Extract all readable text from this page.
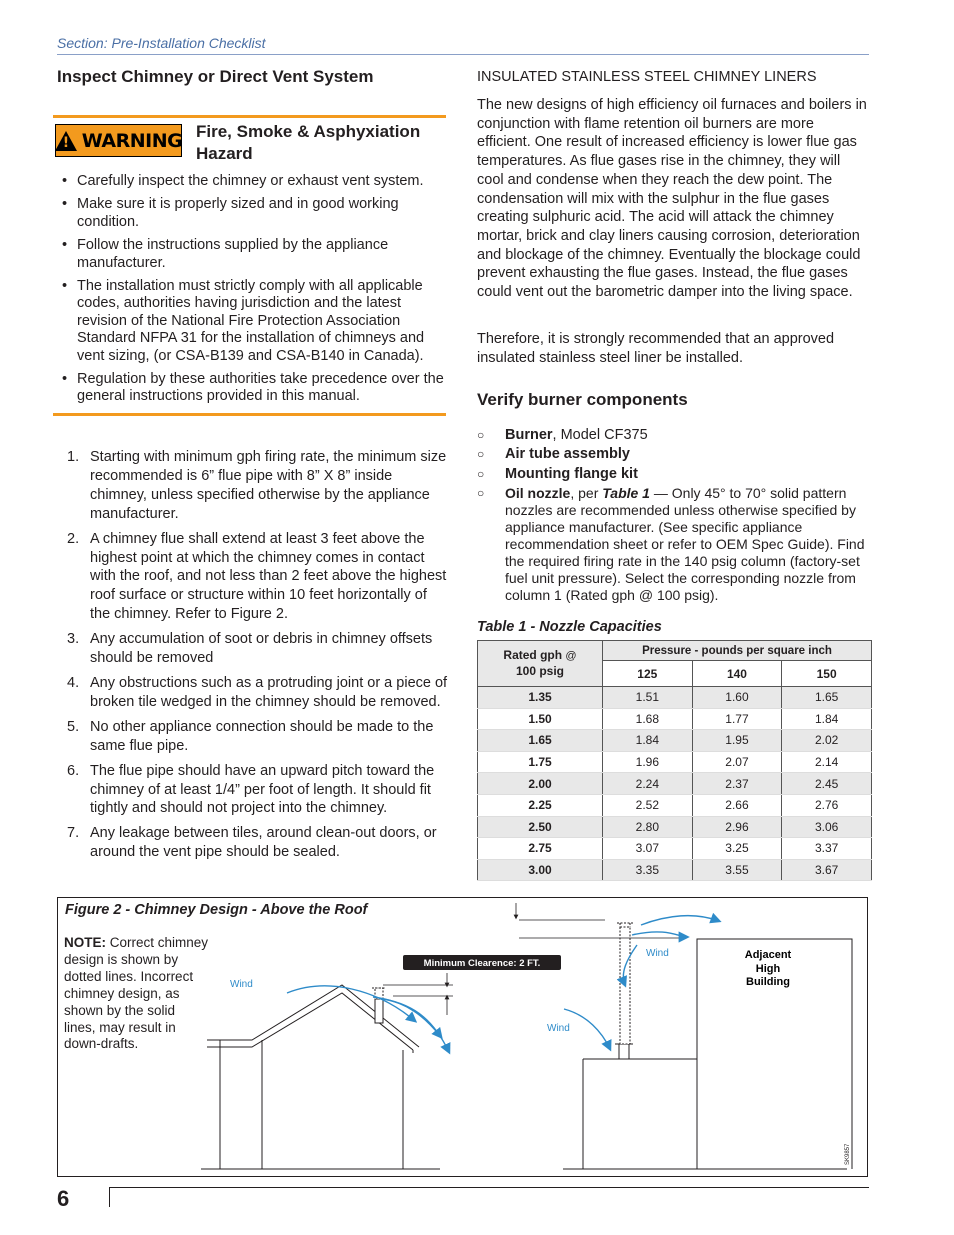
Section: Pre-Installation Checklist
Inspect Chimney or Direct Vent System
! WARNING Fire, Smoke & Asphyxiation
Hazard
• Carefully inspect the chimney or exhaust vent system.
• Make sure it is properly sized and in good working condition.
• Follow the instructions supplied by the appliance manufacturer.
• The installation must strictly comply with all applicable codes, authorities having jurisdiction and the latest revision of the National Fire Protection Association Standard NFPA 31 for the installation of chimneys and vent sizing, (or CSA-B139 and CSA-B140 in Canada).
• Regulation by these authorities take precedence over the general instructions provided in this manual.
1. Starting with minimum gph firing rate, the minimum size recommended is 6” flue pipe with 8” X 8” inside chimney, unless specified otherwise by the appliance manufacturer.
2. A chimney flue shall extend at least 3 feet above the highest point at which the chimney comes in contact with the roof, and not less than 2 feet above the highest roof surface or structure within 10 feet horizontally of the chimney. Refer to Figure 2.
3. Any accumulation of soot or debris in chimney offsets should be removed
4. Any obstructions such as a protruding joint or a piece of broken tile wedged in the chimney should be removed.
5. No other appliance connection should be made to the same flue pipe.
6. The flue pipe should have an upward pitch toward the chimney of at least 1/4” per foot of length. It should fit tightly and should not project into the chimney.
7. Any leakage between tiles, around clean-out doors, or around the vent pipe should be sealed.
INSULATED STAINLESS STEEL CHIMNEY LINERS
The new designs of high efficiency oil furnaces and boilers in conjunction with flame retention oil burners are more efficient. One result of increased efficiency is lower flue gas temperatures. As flue gases rise in the chimney, they will cool and condense when they reach the dew point. The condensation will mix with the sulphur in the flue gases creating sulphuric acid. The acid will attack the chimney mortar, brick and clay liners causing corrosion, deterioration and blockage of the chimney. Eventually the blockage could prevent exhausting the flue gases. Instead, the flue gases could vent out the barometric damper into the living space.
Therefore, it is strongly recommended that an approved insulated stainless steel liner be installed.
Verify burner components
○ Burner, Model CF375
○ Air tube assembly
○ Mounting flange kit
○ Oil nozzle, per Table 1 — Only 45° to 70° solid pattern nozzles are recommended unless otherwise specified by appliance manufacturer. (See specific appliance recommendation sheet or refer to OEM Spec Guide). Find the required firing rate in the 140 psig column (factory-set fuel unit pressure). Select the corresponding nozzle from column 1 (Rated gph @ 100 psig).
Table 1 - Nozzle Capacities
Rated gph @
100 psig	Pressure - pounds per square inch		
	125	140	150
1.35	1.51	1.60	1.65
1.50	1.68	1.77	1.84
1.65	1.84	1.95	2.02
1.75	1.96	2.07	2.14
2.00	2.24	2.37	2.45
2.25	2.52	2.66	2.76
2.50	2.80	2.96	3.06
2.75	3.07	3.25	3.37
3.00	3.35	3.55	3.67
Figure 2 - Chimney Design - Above the Roof
NOTE: Correct chimney design is shown by dotted lines. Incorrect chimney design, as shown by the solid lines, may result in down-drafts.
Minimum Clearence: 2 FT.
Wind
Adjacent
High
Building
Wind
Wind
SK9857
6
